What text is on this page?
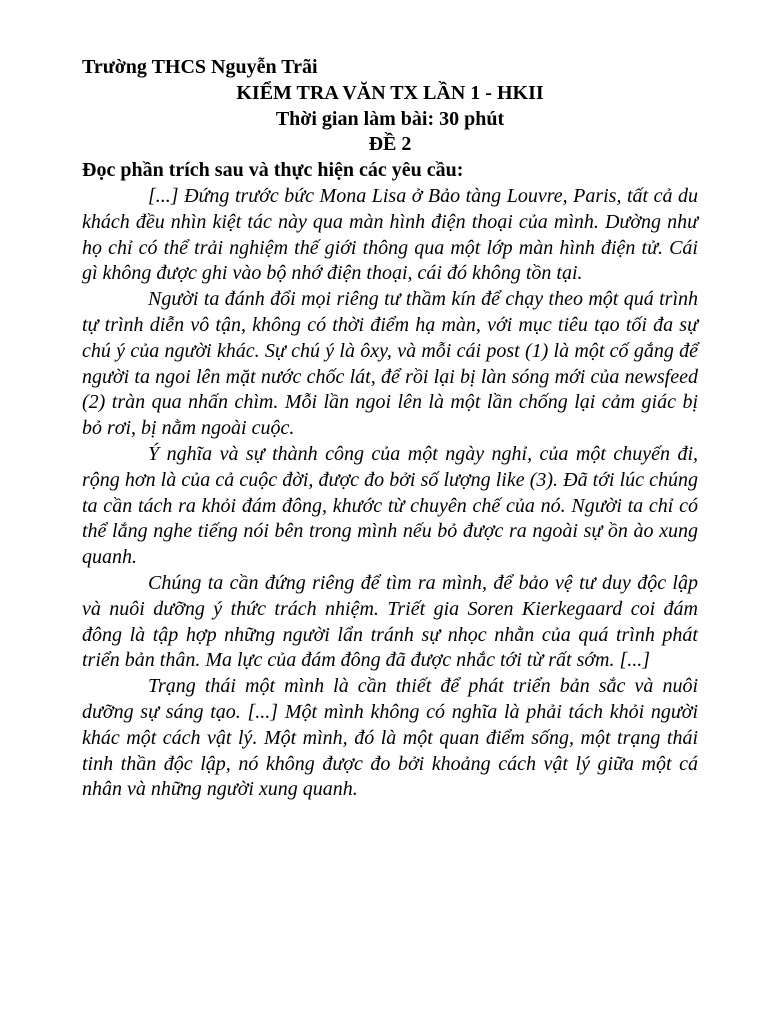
Trường THCS Nguyễn Trãi

KIỂM TRA VĂN TX LẦN 1 - HKII

Thời gian làm bài: 30 phút

ĐỀ 2

Đọc phần trích sau và thực hiện các yêu cầu:

[...] Đứng trước bức Mona Lisa ở Bảo tàng Louvre, Paris, tất cả du khách đều nhìn kiệt tác này qua màn hình điện thoại của mình. Dường như họ chỉ có thể trải nghiệm thế giới thông qua một lớp màn hình điện tử. Cái gì không được ghi vào bộ nhớ điện thoại, cái đó không tồn tại.

Người ta đánh đổi mọi riêng tư thầm kín để chạy theo một quá trình tự trình diễn vô tận, không có thời điểm hạ màn, với mục tiêu tạo tối đa sự chú ý của người khác. Sự chú ý là ôxy, và mỗi cái post (1) là một cố gắng để người ta ngoi lên mặt nước chốc lát, để rồi lại bị làn sóng mới của newsfeed (2) tràn qua nhấn chìm. Mỗi lần ngoi lên là một lần chống lại cảm giác bị bỏ rơi, bị nằm ngoài cuộc.

Ý nghĩa và sự thành công của một ngày nghỉ, của một chuyến đi, rộng hơn là của cả cuộc đời, được đo bởi số lượng like (3). Đã tới lúc chúng ta cần tách ra khỏi đám đông, khước từ chuyên chế của nó. Người ta chỉ có thể lắng nghe tiếng nói bên trong mình nếu bỏ được ra ngoài sự ồn ào xung quanh.

Chúng ta cần đứng riêng để tìm ra mình, để bảo vệ tư duy độc lập và nuôi dưỡng ý thức trách nhiệm. Triết gia Soren Kierkegaard coi đám đông là tập hợp những người lẩn tránh sự nhọc nhằn của quá trình phát triển bản thân. Ma lực của đám đông đã được nhắc tới từ rất sớm. [...]

Trạng thái một mình là cần thiết để phát triển bản sắc và nuôi dưỡng sự sáng tạo. [...] Một mình không có nghĩa là phải tách khỏi người khác một cách vật lý. Một mình, đó là một quan điểm sống, một trạng thái tinh thần độc lập, nó không được đo bởi khoảng cách vật lý giữa một cá nhân và những người xung quanh.
